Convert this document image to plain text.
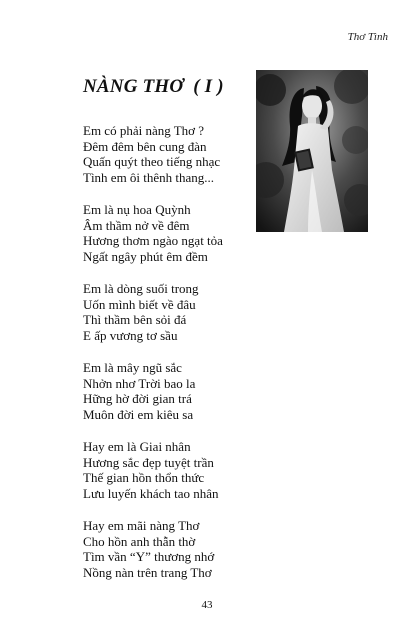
Thơ Tình
NÀNG THƠ  ( I )
Em có phải nàng Thơ ?
Đêm đêm bên cung đàn
Quấn quýt theo tiếng nhạc
Tình em ôi thênh thang...
Em là nụ hoa Quỳnh
Âm thầm nở về đêm
Hương thơm ngào ngạt tỏa
Ngất ngây phút êm đềm
Em là dòng suối trong
Uốn mình biết về đâu
Thì thầm bên sỏi đá
E ấp vương tơ sầu
Em là mây ngũ sắc
Nhởn nhơ Trời bao la
Hững hờ đời gian trá
Muôn đời em kiêu sa
Hay em là Giai nhân
Hương sắc đẹp tuyệt trần
Thế gian hồn thổn thức
Lưu luyến khách tao nhân
Hay em mãi nàng Thơ
Cho hồn anh thẫn thờ
Tìm vần “Y” thương nhớ
Nồng nàn trên trang Thơ
43
